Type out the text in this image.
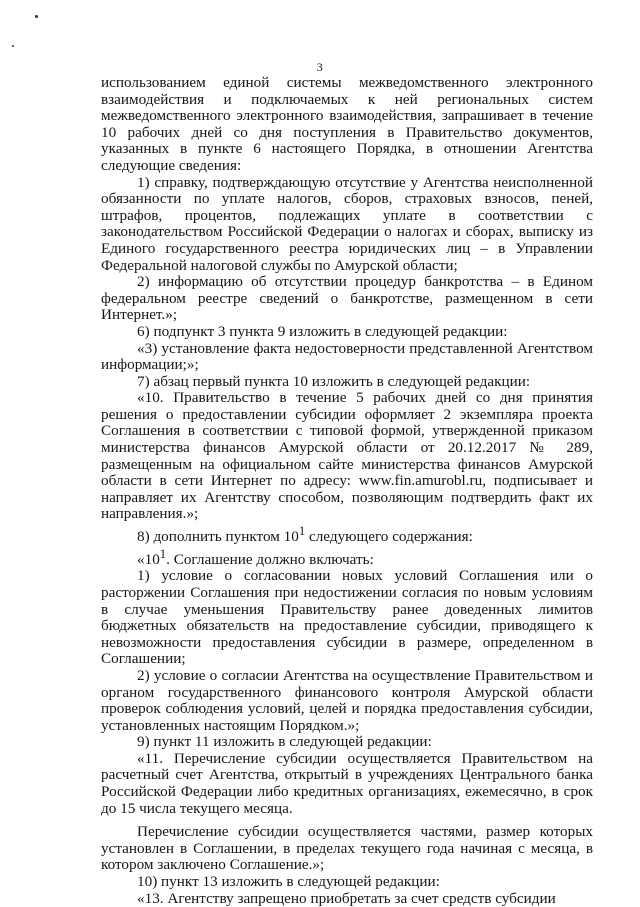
3

использованием единой системы межведомственного электронного взаимодействия и подключаемых к ней региональных систем межведомственного электронного взаимодействия, запрашивает в течение 10 рабочих дней со дня поступления в Правительство документов, указанных в пункте 6 настоящего Порядка, в отношении Агентства следующие сведения:

1) справку, подтверждающую отсутствие у Агентства неисполненной обязанности по уплате налогов, сборов, страховых взносов, пеней, штрафов, процентов, подлежащих уплате в соответствии с законодательством Российской Федерации о налогах и сборах, выписку из Единого государственного реестра юридических лиц – в Управлении Федеральной налоговой службы по Амурской области;

2) информацию об отсутствии процедур банкротства – в Едином федеральном реестре сведений о банкротстве, размещенном в сети Интернет.»;

6) подпункт 3 пункта 9 изложить в следующей редакции:

«3) установление факта недостоверности представленной Агентством информации;»;

7) абзац первый пункта 10 изложить в следующей редакции:

«10. Правительство в течение 5 рабочих дней со дня принятия решения о предоставлении субсидии оформляет 2 экземпляра проекта Соглашения в соответствии с типовой формой, утвержденной приказом министерства финансов Амурской области от 20.12.2017 № 289, размещенным на официальном сайте министерства финансов Амурской области в сети Интернет по адресу: www.fin.amurobl.ru, подписывает и направляет их Агентству способом, позволяющим подтвердить факт их направления.»;

8) дополнить пунктом $10^1$ следующего содержания:

«$10^1$. Соглашение должно включать:

1) условие о согласовании новых условий Соглашения или о расторжении Соглашения при недостижении согласия по новым условиям в случае уменьшения Правительству ранее доведенных лимитов бюджетных обязательств на предоставление субсидии, приводящего к невозможности предоставления субсидии в размере, определенном в Соглашении;

2) условие о согласии Агентства на осуществление Правительством и органом государственного финансового контроля Амурской области проверок соблюдения условий, целей и порядка предоставления субсидии, установленных настоящим Порядком.»;

9) пункт 11 изложить в следующей редакции:

«11. Перечисление субсидии осуществляется Правительством на расчетный счет Агентства, открытый в учреждениях Центрального банка Российской Федерации либо кредитных организациях, ежемесячно, в срок до 15 числа текущего месяца.

Перечисление субсидии осуществляется частями, размер которых установлен в Соглашении, в пределах текущего года начиная с месяца, в котором заключено Соглашение.»;

10) пункт 13 изложить в следующей редакции:

«13. Агентству запрещено приобретать за счет средств субсидии
